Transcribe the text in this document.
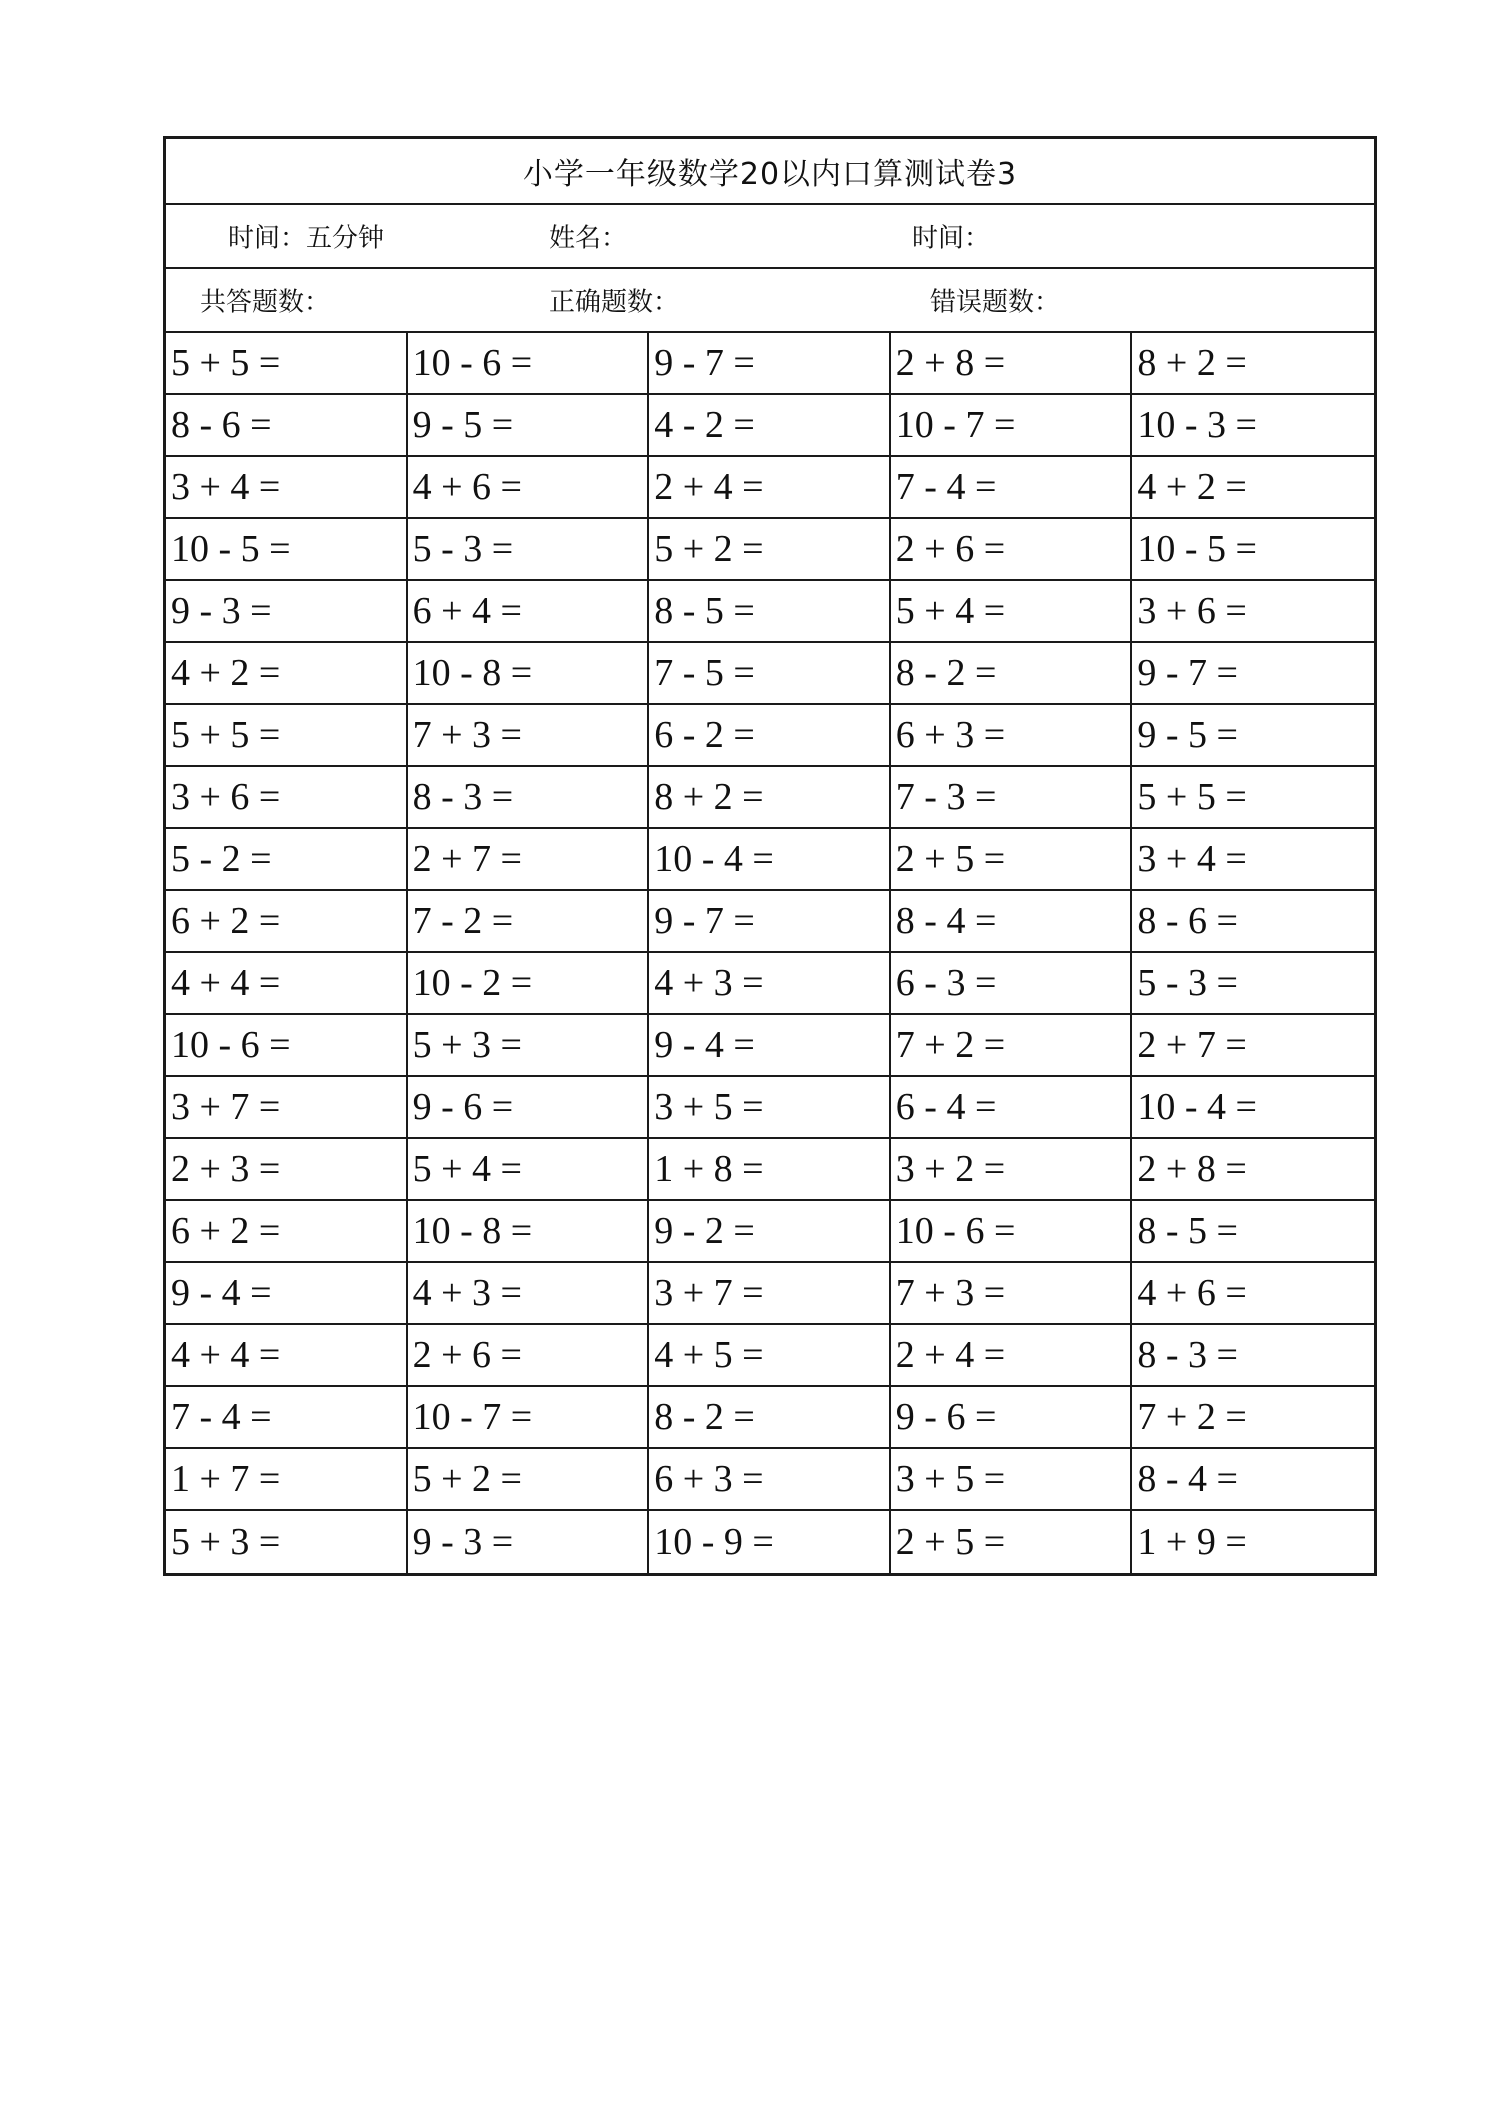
小学一年级数学20以内口算测试卷3
时间：五分钟	姓名：	时间：
共答题数：	正确题数：	错误题数：
5 + 5 =	10 - 6 =	9 - 7 =	2 + 8 =	8 + 2 =
8 - 6 =	9 - 5 =	4 - 2 =	10 - 7 =	10 - 3 =
3 + 4 =	4 + 6 =	2 + 4 =	7 - 4 =	4 + 2 =
10 - 5 =	5 - 3 =	5 + 2 =	2 + 6 =	10 - 5 =
9 - 3 =	6 + 4 =	8 - 5 =	5 + 4 =	3 + 6 =
4 + 2 =	10 - 8 =	7 - 5 =	8 - 2 =	9 - 7 =
5 + 5 =	7 + 3 =	6 - 2 =	6 + 3 =	9 - 5 =
3 + 6 =	8 - 3 =	8 + 2 =	7 - 3 =	5 + 5 =
5 - 2 =	2 + 7 =	10 - 4 =	2 + 5 =	3 + 4 =
6 + 2 =	7 - 2 =	9 - 7 =	8 - 4 =	8 - 6 =
4 + 4 =	10 - 2 =	4 + 3 =	6 - 3 =	5 - 3 =
10 - 6 =	5 + 3 =	9 - 4 =	7 + 2 =	2 + 7 =
3 + 7 =	9 - 6 =	3 + 5 =	6 - 4 =	10 - 4 =
2 + 3 =	5 + 4 =	1 + 8 =	3 + 2 =	2 + 8 =
6 + 2 =	10 - 8 =	9 - 2 =	10 - 6 =	8 - 5 =
9 - 4 =	4 + 3 =	3 + 7 =	7 + 3 =	4 + 6 =
4 + 4 =	2 + 6 =	4 + 5 =	2 + 4 =	8 - 3 =
7 - 4 =	10 - 7 =	8 - 2 =	9 - 6 =	7 + 2 =
1 + 7 =	5 + 2 =	6 + 3 =	3 + 5 =	8 - 4 =
5 + 3 =	9 - 3 =	10 - 9 =	2 + 5 =	1 + 9 =
